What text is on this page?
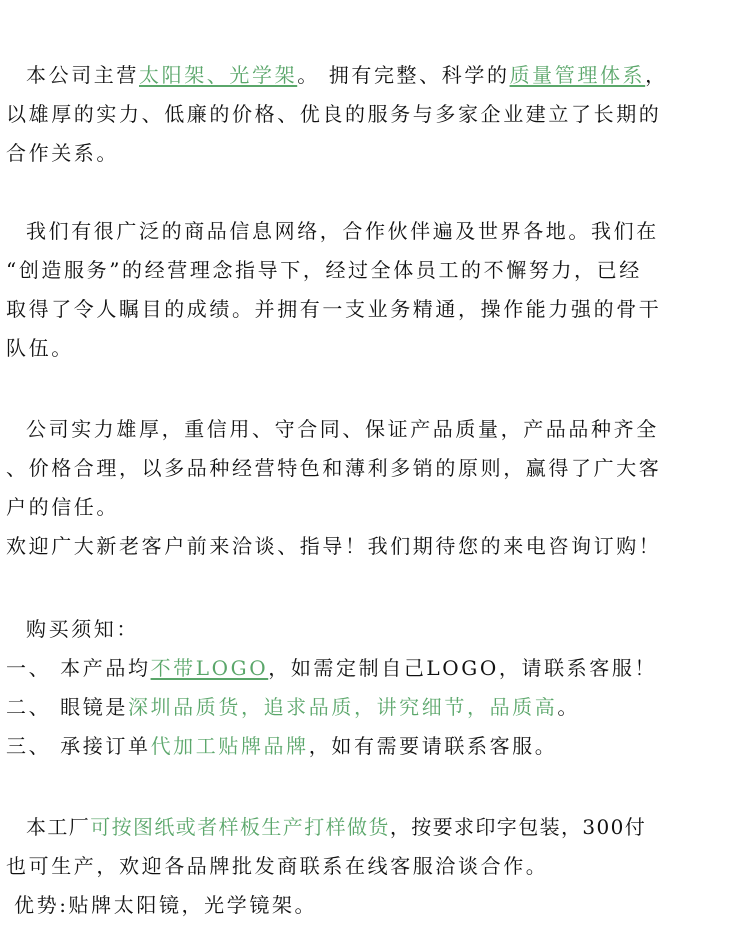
本公司主营太阳架、光学架。 拥有完整、科学的质量管理体系，
以雄厚的实力、低廉的价格、优良的服务与多家企业建立了长期的
合作关系。
我们有很广泛的商品信息网络，合作伙伴遍及世界各地。我们在
“创造服务”的经营理念指导下，经过全体员工的不懈努力，已经
取得了令人瞩目的成绩。并拥有一支业务精通，操作能力强的骨干
队伍。
公司实力雄厚，重信用、守合同、保证产品质量，产品品种齐全
、价格合理，以多品种经营特色和薄利多销的原则，赢得了广大客
户的信任。
欢迎广大新老客户前来洽谈、指导！我们期待您的来电咨询订购！
购买须知：
一、 本产品均不带LOGO，如需定制自己LOGO，请联系客服！
二、 眼镜是深圳品质货，追求品质，讲究细节，品质高。
三、 承接订单代加工贴牌品牌，如有需要请联系客服。
本工厂可按图纸或者样板生产打样做货，按要求印字包装，300付
也可生产，欢迎各品牌批发商联系在线客服洽谈合作。
优势:贴牌太阳镜，光学镜架。
